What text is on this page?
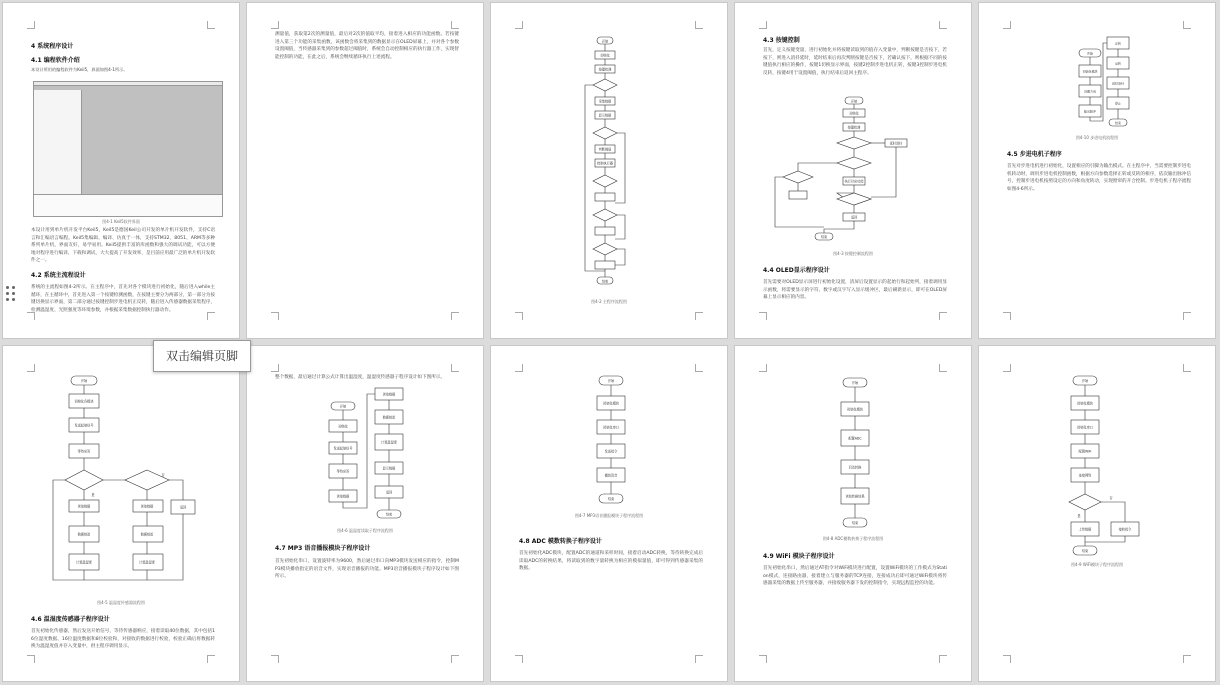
4 系统程序设计
4.1 编程软件介绍
本设计所用的编程软件为Keil5，界面如图4-1所示。
图4-1 Keil5软件界面
本设计用到单片机开发平台Keil5，Keil5是德国Keil公司开发的单片机开发软件，支持C语言和汇编语言编程。Keil5集编辑、编译、仿真于一体，支持STM32、8051、ARM等多种系列单片机，界面友好，易学易用。Keil5提供丰富的库函数和强大的调试功能，可以方便地对程序进行编译、下载和调试，大大提高了开发效率，是目前应用最广泛的单片机开发软件之一。
4.2 系统主流程设计
系统的主流程如图4-2所示。在主程序中，首先对各个模块进行初始化，随后进入while主循环，在主循环中，首先进入第一个按键检测函数，在按键主要分为两部分，第一部分为按键切换显示界面，第二部分通过按键控制步进电机正反转，随后进入传感器数据采集程序，检测温湿度、光照强度等环境参数，并根据采集数据控制执行器动作。
测量值，获取第2次的测量值，最后对2次的值取平均，接着进入相应的功能函数。若按键进入第三个功能的采集函数，该函数会将采集到的数据显示在OLED屏幕上，并对各个参数设置阈值，当传感器采集到的参数超过阈值时，系统会自动控制相应的执行器工作，实现智能控制的功能，在此之后，系统会继续循环执行上述流程。
开始
初始化
按键检测
采集数据
显示数据
判断阈值
控制执行器
结束
图4-2 主程序流程图
4.3 按键控制
首先，定义按键变量，进行初始化并将按键读取到的值存入变量中，判断按键是否按下，若按下，则进入消抖延时，延时结束后再次判断按键是否按下，若确认按下，则根据不同的按键值执行相应的操作，按键1切换显示界面，按键2控制步进电机正转，按键3控制步进电机反转，按键4用于设置阈值，执行结束后返回主程序。
开始
初始化
按键检测
延时消抖
执行对应功能
返回
结束
图4-3 按键控制流程图
4.4 OLED显示程序设计
首先需要对OLED显示屏进行初始化设置，清屏后设置显示的起始行和起始列，接着调用显示函数，将需要显示的字符、数字或汉字写入显示缓冲区，最后刷新显示，即可在OLED屏幕上显示相应的内容。
开始
初始化模块
设置方向
输出脉冲
正转
反转
延时消抖
停止
结束
图4-10 步进电机流程图
4.5 步进电机子程序
首先对步进电机进行初始化，设置相应的引脚为输出模式。在主程序中，当需要控制步进电机转动时，调用步进电机控制函数，根据方向参数选择正转或反转的相序，依次输出脉冲信号，控制步进电机按照设定的方向和角度转动，实现窗帘的开合控制。步进电机子程序流程如图4-6所示。
开始
初始化各模块
发送起始信号
等待应答
读取数据
数据校验
计算温湿度
读取数据
数据校验
计算温湿度
返回
是
否
图4-5 温湿度传感器流程图
4.6 温湿度传感器子程序设计
首先初始化传感器，然后发送开始信号，等待传感器响应，接着读取40位数据，其中包括16位湿度数据、16位温度数据和8位校验和，对接收的数据进行校验，校验正确后将数据转换为温湿度值并存入变量中，供主程序调用显示。
整个数据，最后通过计算公式计算出温湿度，温湿度传感器子程序设计如下图所示。
开始
初始化
发送起始信号
等待应答
读取数据
读取数据
数据校验
计算温湿度
显示数据
返回
结束
图4-6 温湿度读取子程序流程图
4.7 MP3 语音播报模块子程序设计
首先初始化串口，设置波特率为9600，然后通过串口向MP3模块发送相应的指令，控制MP3模块播放指定的语音文件，实现语音播报的功能。MP3语音播报模块子程序设计如下图所示。
开始
初始化模块
初始化串口
发送指令
播放语音
结束
图4-7 MP3语音播报模块子程序流程图
4.8 ADC 模数转换子程序设计
首先初始化ADC模块，配置ADC的通道和采样时间，接着启动ADC转换，等待转换完成后读取ADC的转换结果，将读取到的数字量转换为相应的模拟量值，即可得到传感器采集的数据。
开始
初始化模块
配置ADC
启动转换
读取转换结果
结束
图4-8 ADC模数转换子程序流程图
4.9 WiFi 模块子程序设计
首先初始化串口，然后通过AT指令对WiFi模块进行配置，设置WiFi模块的工作模式为Station模式，连接路由器，接着建立与服务器的TCP连接，连接成功后即可通过WiFi模块将传感器采集的数据上传至服务器，并接收服务器下发的控制指令，实现远程监控的功能。
开始
初始化模块
初始化串口
配置WiFi
连接网络
上传数据	接收指令
结束
是
否
图4-9 WiFi模块子程序流程图
双击编辑页脚
